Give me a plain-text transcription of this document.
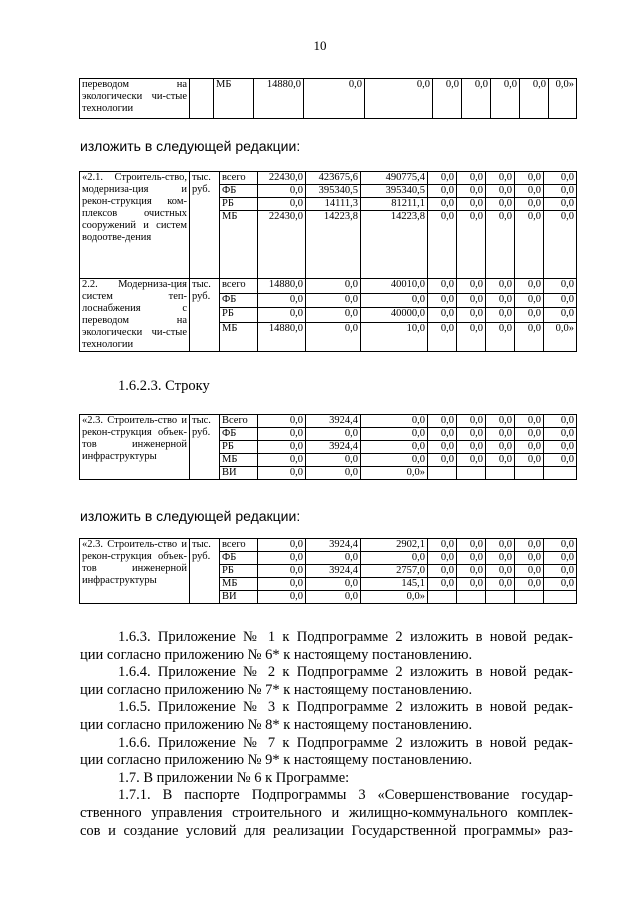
10
переводом на экологически чи-стые технологии		МБ	14880,0	0,0	0,0	0,0	0,0	0,0	0,0	0,0»
изложить в следующей редакции:
«2.1. Строитель-ство, модерниза-ция и рекон-струкция ком-плексов очистных сооружений и систем водоотве-дения	тыс. руб.	всего	22430,0	423675,6	490775,4	0,0	0,0	0,0	0,0	0,0
		ФБ	0,0	395340,5	395340,5	0,0	0,0	0,0	0,0	0,0
		РБ	0,0	14111,3	81211,1	0,0	0,0	0,0	0,0	0,0
		МБ	22430,0	14223,8	14223,8	0,0	0,0	0,0	0,0	0,0
2.2. Модерниза-ция систем теп-лоснабжения с переводом на экологически чи-стые технологии	тыс. руб.	всего	14880,0	0,0	40010,0	0,0	0,0	0,0	0,0	0,0
		ФБ	0,0	0,0	0,0	0,0	0,0	0,0	0,0	0,0
		РБ	0,0	0,0	40000,0	0,0	0,0	0,0	0,0	0,0
		МБ	14880,0	0,0	10,0	0,0	0,0	0,0	0,0	0,0»
1.6.2.3. Строку
«2.3. Строитель-ство и рекон-струкция объек-тов инженерной инфраструктуры	тыс. руб.	Всего	0,0	3924,4	0,0	0,0	0,0	0,0	0,0	0,0
		ФБ	0,0	0,0	0,0	0,0	0,0	0,0	0,0	0,0
		РБ	0,0	3924,4	0,0	0,0	0,0	0,0	0,0	0,0
		МБ	0,0	0,0	0,0	0,0	0,0	0,0	0,0	0,0
		ВИ	0,0	0,0	0,0»					
изложить в следующей редакции:
«2.3. Строитель-ство и рекон-струкция объек-тов инженерной инфраструктуры	тыс. руб.	всего	0,0	3924,4	2902,1	0,0	0,0	0,0	0,0	0,0
		ФБ	0,0	0,0	0,0	0,0	0,0	0,0	0,0	0,0
		РБ	0,0	3924,4	2757,0	0,0	0,0	0,0	0,0	0,0
		МБ	0,0	0,0	145,1	0,0	0,0	0,0	0,0	0,0
		ВИ	0,0	0,0	0,0»					
1.6.3. Приложение № 1 к Подпрограмме 2 изложить в новой редак-
ции согласно приложению № 6* к настоящему постановлению.
1.6.4. Приложение № 2 к Подпрограмме 2 изложить в новой редак-
ции согласно приложению № 7* к настоящему постановлению.
1.6.5. Приложение № 3 к Подпрограмме 2 изложить в новой редак-
ции согласно приложению № 8* к настоящему постановлению.
1.6.6. Приложение № 7 к Подпрограмме 2 изложить в новой редак-
ции согласно приложению № 9* к настоящему постановлению.
1.7. В приложении № 6 к Программе:
1.7.1. В паспорте Подпрограммы 3 «Совершенствование государ-
ственного управления строительного и жилищно-коммунального комплек-
сов и создание условий для реализации Государственной программы» раз-
